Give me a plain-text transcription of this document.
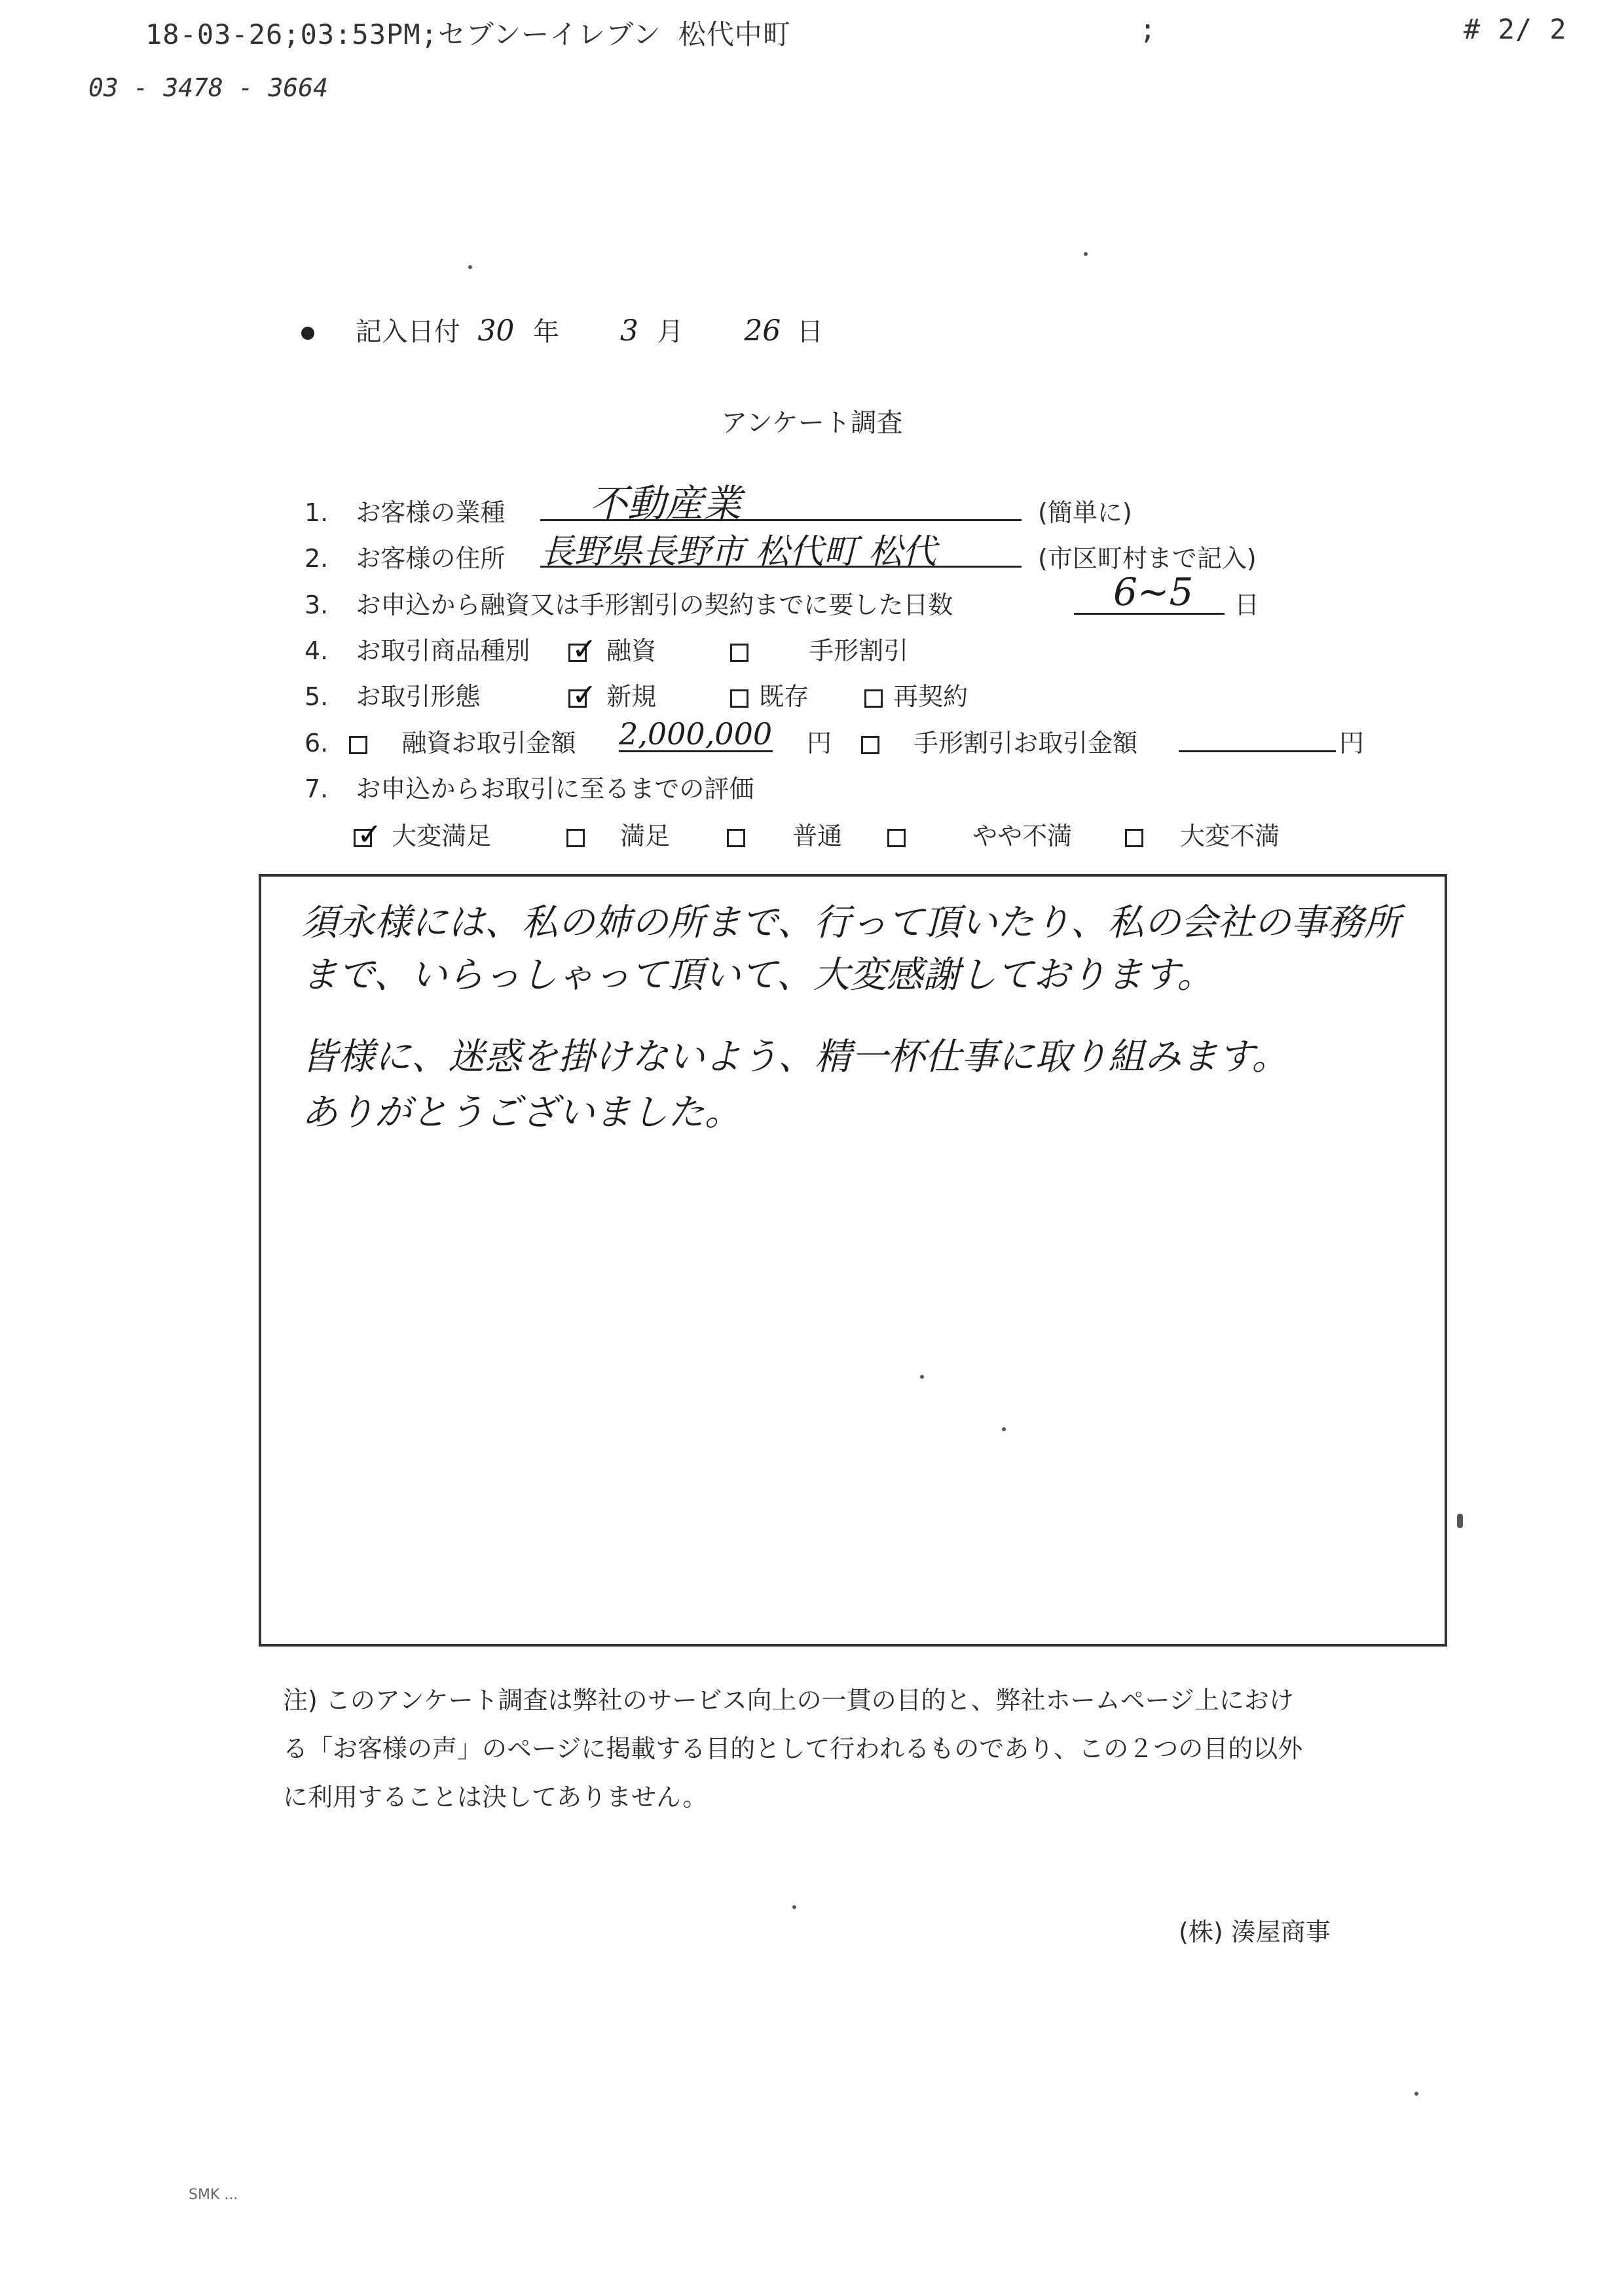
18-03-26;03:53PM;セブンーイレブン 松代中町	;	# 2/ 2
03 - 3478 - 3664
記入日付 30 年 3 月 26 日
アンケート調査
1. お客様の業種 不動産業	(簡単に)
2. お客様の住所 長野県長野市 松代町 松代	(市区町村まで記入)
3. お申込から融資又は手形割引の契約までに要した日数	6~5 日
4. お取引商品種別 ✓ 融資	手形割引
5. お取引形態	✓ 新規	既存	再契約
6.	融資お取引金額 2,000,000 円	手形割引お取引金額	円
7. お申込からお取引に至るまでの評価
✓ 大変満足	満足	普通	やや不満	大変不満
須永様には、私の姉の所まで、行って頂いたり、私の会社の事務所
まで、いらっしゃって頂いて、大変感謝しております。
皆様に、迷惑を掛けないよう、精一杯仕事に取り組みます。
ありがとうございました。
注) このアンケート調査は弊社のサービス向上の一貫の目的と、弊社ホームページ上におけ
る「お客様の声」のページに掲載する目的として行われるものであり、この２つの目的以外
に利用することは決してありません。
(株) 湊屋商事
SMK ...
